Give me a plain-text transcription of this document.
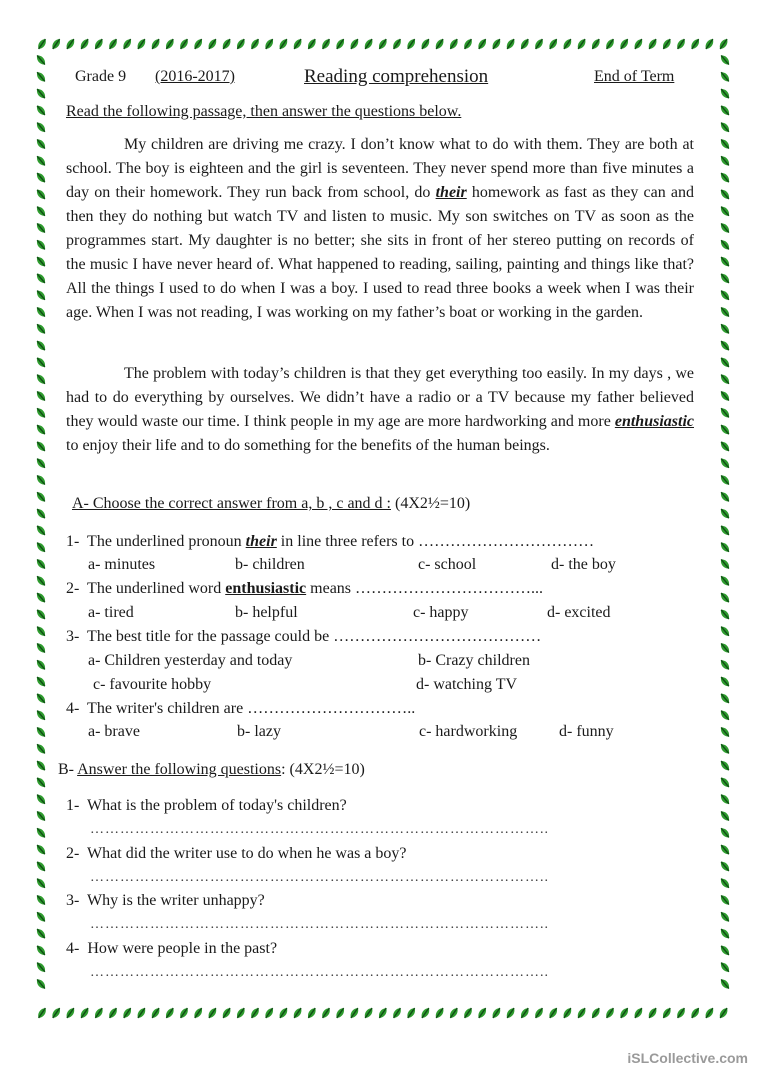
Grade 9 (2016-2017)	Reading comprehension	End of Term
Read the following passage, then answer the questions below.

My children are driving me crazy. I don’t know what to do with them. They are both at school. The boy is eighteen and the girl is seventeen. They never spend more than five minutes a day on their homework. They run back from school, do their homework as fast as they can and then they do nothing but watch TV and listen to music. My son switches on TV as soon as the programmes start. My daughter is no better; she sits in front of her stereo putting on records of the music I have never heard of. What happened to reading, sailing, painting and things like that? All the things I used to do when I was a boy. I used to read three books a week when I was their age. When I was not reading, I was working on my father’s boat or working in the garden.

The problem with today’s children is that they get everything too easily. In my days , we had to do everything by ourselves. We didn’t have a radio or a TV because my father believed they would waste our time. I think people in my age are more hardworking and more enthusiastic to enjoy their life and to do something for the benefits of the human beings.

A- Choose the correct answer from a, b , c and d : (4X2½=10)
1- The underlined pronoun their in line three refers to ……………………………
a- minutes	b- children	c- school	d- the boy
2- The underlined word enthusiastic means ……………………………...
a- tired	b- helpful	c- happy	d- excited
3- The best title for the passage could be …………………………………
a- Children yesterday and today	b- Crazy children
c- favourite hobby	d- watching TV
4- The writer's children are …………………………..
a- brave	b- lazy	c- hardworking	d- funny
B- Answer the following questions: (4X2½=10)
1- What is the problem of today's children?
………………………………………………………………………………..
2- What did the writer use to do when he was a boy?
………………………………………………………………………………..
3- Why is the writer unhappy?
………………………………………………………………………………..
4- How were people in the past?
………………………………………………………………………………..
iSLCollective.com
